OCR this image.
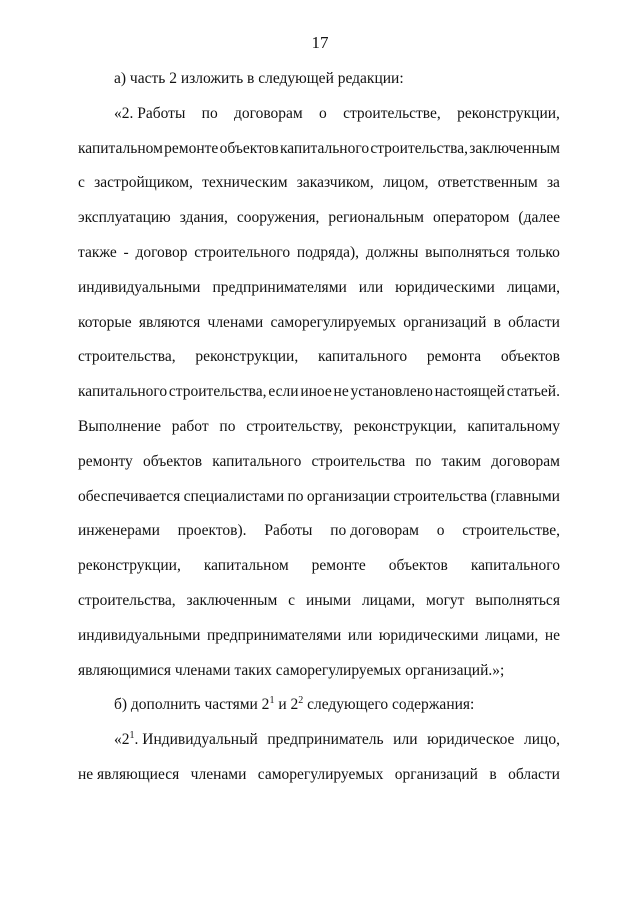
17
а) часть 2 изложить в следующей редакции:
«2. Работы по договорам о строительстве, реконструкции,
капитальном ремонте объектов капитального строительства, заключенным
с застройщиком, техническим заказчиком, лицом, ответственным за
эксплуатацию здания, сооружения, региональным оператором (далее
также - договор строительного подряда), должны выполняться только
индивидуальными предпринимателями или юридическими лицами,
которые являются членами саморегулируемых организаций в области
строительства, реконструкции, капитального ремонта объектов
капитального строительства, если иное не установлено настоящей статьей.
Выполнение работ по строительству, реконструкции, капитальному
ремонту объектов капитального строительства по таким договорам
обеспечивается специалистами по организации строительства (главными
инженерами проектов). Работы по договорам о строительстве,
реконструкции, капитальном ремонте объектов капитального
строительства, заключенным с иными лицами, могут выполняться
индивидуальными предпринимателями или юридическими лицами, не
являющимися членами таких саморегулируемых организаций.»;
б) дополнить частями $2^1$ и $2^2$ следующего содержания:
«$2^1$. Индивидуальный предприниматель или юридическое лицо,
не являющиеся членами саморегулируемых организаций в области
